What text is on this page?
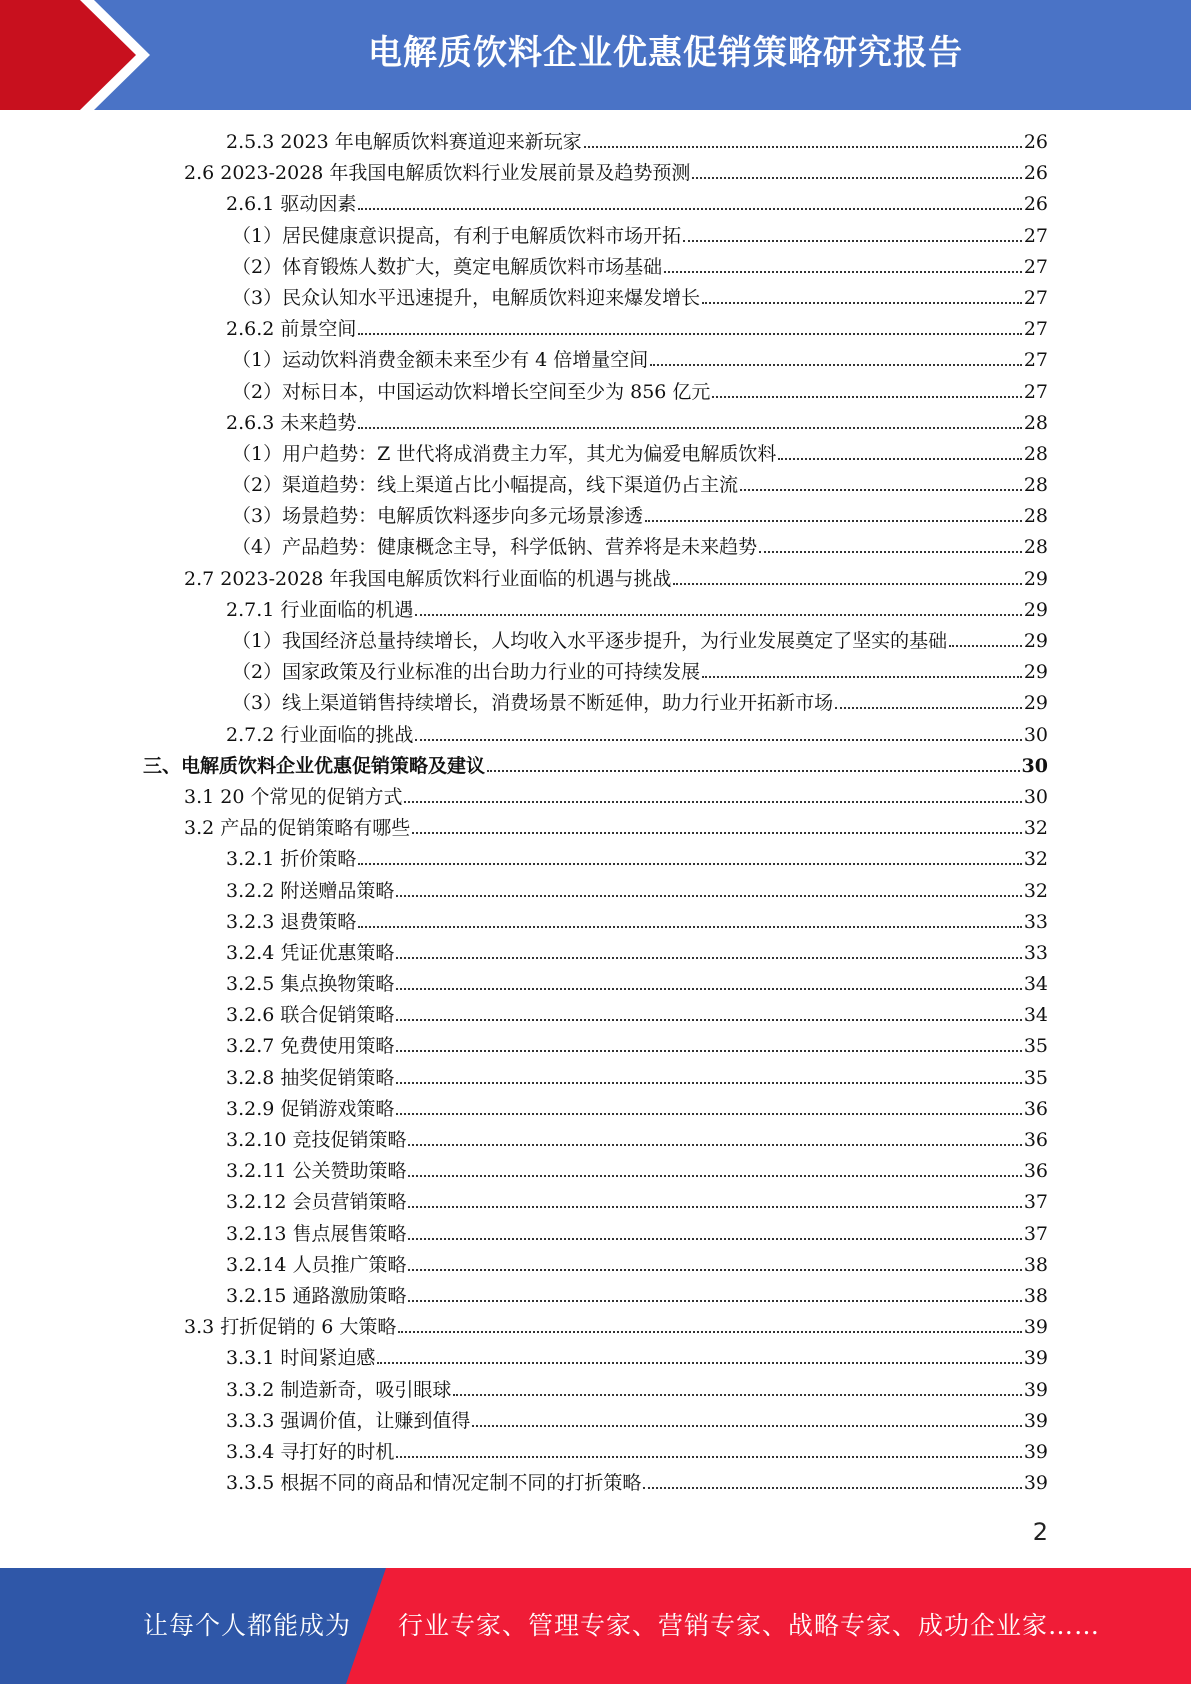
电解质饮料企业优惠促销策略研究报告
2.5.3 2023 年电解质饮料赛道迎来新玩家	26
2.6 2023-2028 年我国电解质饮料行业发展前景及趋势预测	26
2.6.1 驱动因素	26
（1）居民健康意识提高，有利于电解质饮料市场开拓	27
（2）体育锻炼人数扩大，奠定电解质饮料市场基础	27
（3）民众认知水平迅速提升，电解质饮料迎来爆发增长	27
2.6.2 前景空间	27
（1）运动饮料消费金额未来至少有 4 倍增量空间	27
（2）对标日本，中国运动饮料增长空间至少为 856 亿元	27
2.6.3 未来趋势	28
（1）用户趋势：Z 世代将成消费主力军，其尤为偏爱电解质饮料	28
（2）渠道趋势：线上渠道占比小幅提高，线下渠道仍占主流	28
（3）场景趋势：电解质饮料逐步向多元场景渗透	28
（4）产品趋势：健康概念主导，科学低钠、营养将是未来趋势	28
2.7 2023-2028 年我国电解质饮料行业面临的机遇与挑战	29
2.7.1 行业面临的机遇	29
（1）我国经济总量持续增长，人均收入水平逐步提升，为行业发展奠定了坚实的基础	29
（2）国家政策及行业标准的出台助力行业的可持续发展	29
（3）线上渠道销售持续增长，消费场景不断延伸，助力行业开拓新市场	29
2.7.2 行业面临的挑战	30
三、电解质饮料企业优惠促销策略及建议	30
3.1 20 个常见的促销方式	30
3.2 产品的促销策略有哪些	32
3.2.1 折价策略	32
3.2.2 附送赠品策略	32
3.2.3 退费策略	33
3.2.4 凭证优惠策略	33
3.2.5 集点换物策略	34
3.2.6 联合促销策略	34
3.2.7 免费使用策略	35
3.2.8 抽奖促销策略	35
3.2.9 促销游戏策略	36
3.2.10 竞技促销策略	36
3.2.11 公关赞助策略	36
3.2.12 会员营销策略	37
3.2.13 售点展售策略	37
3.2.14 人员推广策略	38
3.2.15 通路激励策略	38
3.3 打折促销的 6 大策略	39
3.3.1 时间紧迫感	39
3.3.2 制造新奇，吸引眼球	39
3.3.3 强调价值，让赚到值得	39
3.3.4 寻打好的时机	39
3.3.5 根据不同的商品和情况定制不同的打折策略	39
2
让每个人都能成为 行业专家、管理专家、营销专家、战略专家、成功企业家……
